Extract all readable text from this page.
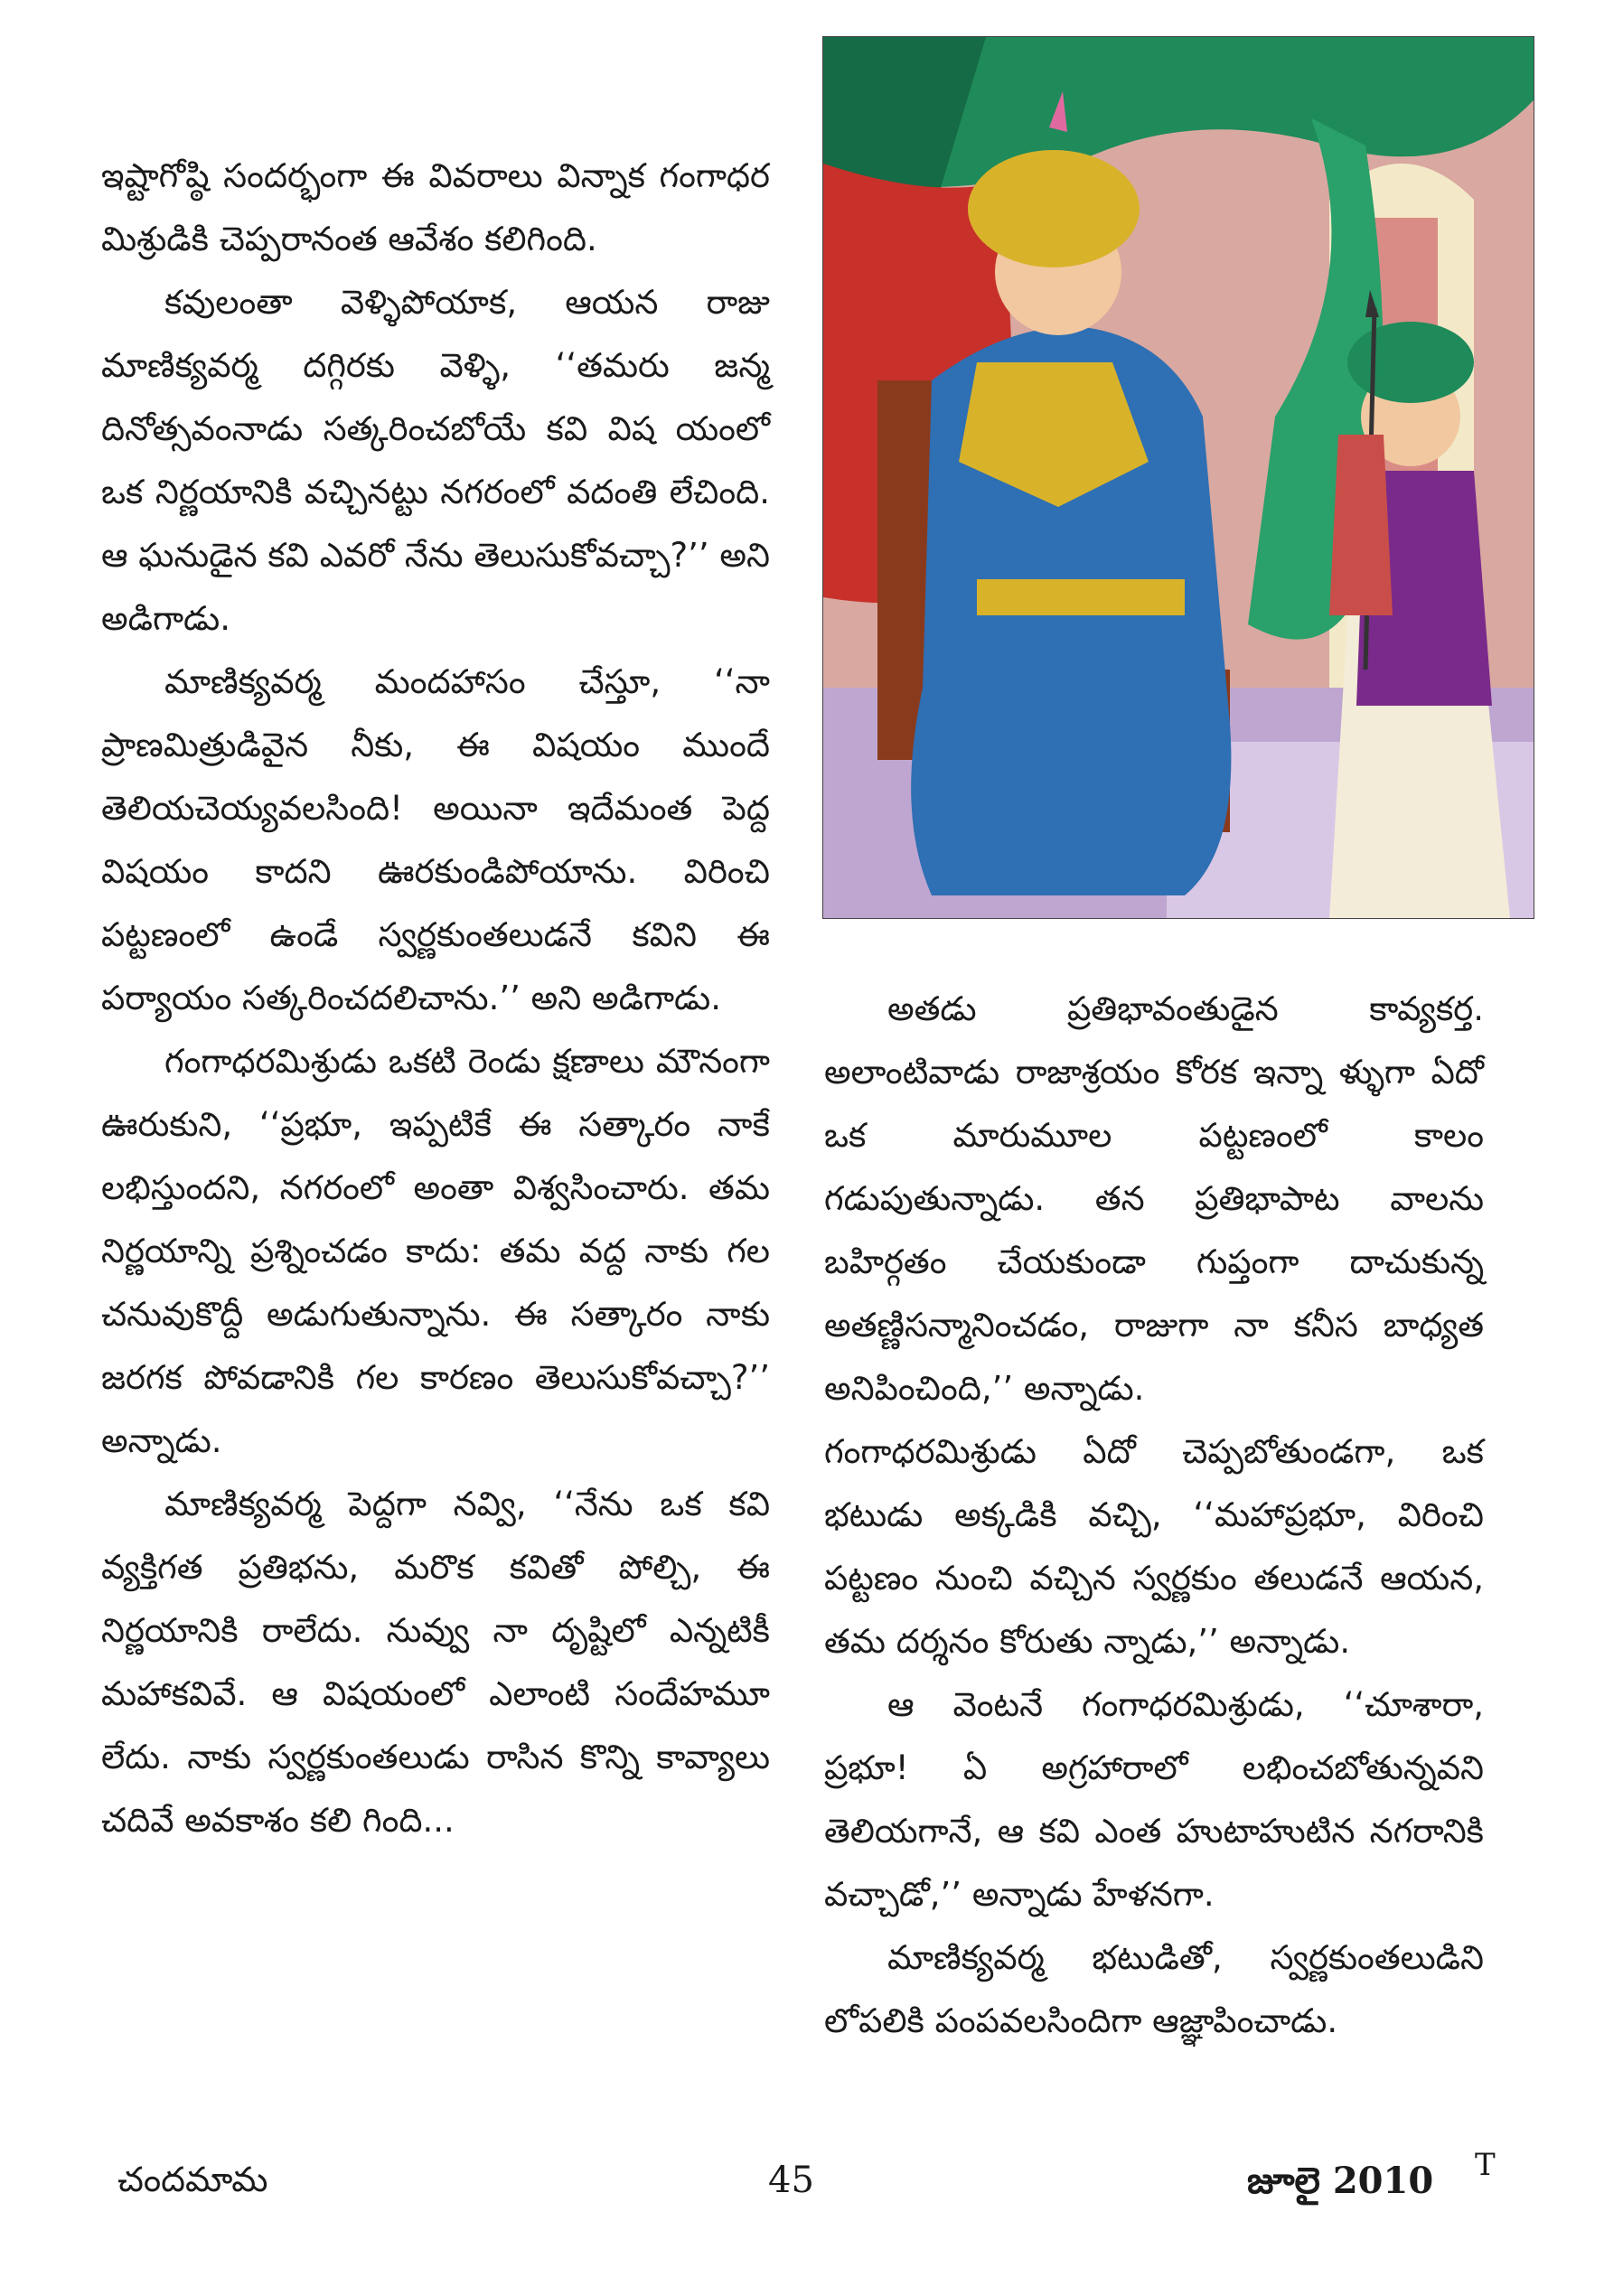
ఇష్టాగోష్ఠి సందర్భంగా ఈ వివరాలు విన్నాక గంగాధర మిశ్రుడికి చెప్పరానంత ఆవేశం కలిగింది.

కవులంతా వెళ్ళిపోయాక, ఆయన రాజు మాణిక్యవర్మ దగ్గిరకు వెళ్ళి, ‘‘తమరు జన్మ దినోత్సవంనాడు సత్కరించబోయే కవి విష యంలో ఒక నిర్ణయానికి వచ్చినట్టు నగరంలో వదంతి లేచింది. ఆ ఘనుడైన కవి ఎవరో నేను తెలుసుకోవచ్చా?’’ అని అడిగాడు.

మాణిక్యవర్మ మందహాసం చేస్తూ, ‘‘నా ప్రాణమిత్రుడివైన నీకు, ఈ విషయం ముందే తెలియచెయ్యవలసింది! అయినా ఇదేమంత పెద్ద విషయం కాదని ఊరకుండిపోయాను. విరించి పట్టణంలో ఉండే స్వర్ణకుంతలుడనే కవిని ఈ పర్యాయం సత్కరించదలిచాను.’’ అని అడిగాడు.

గంగాధరమిశ్రుడు ఒకటి రెండు క్షణాలు మౌనంగా ఊరుకుని, ‘‘ప్రభూ, ఇప్పటికే ఈ సత్కారం నాకే లభిస్తుందని, నగరంలో అంతా విశ్వసించారు. తమ నిర్ణయాన్ని ప్రశ్నించడం కాదు: తమ వద్ద నాకు గల చనువుకొద్దీ అడుగుతున్నాను. ఈ సత్కారం నాకు జరగక పోవడానికి గల కారణం తెలుసుకోవచ్చా?’’ అన్నాడు.

మాణిక్యవర్మ పెద్దగా నవ్వి, ‘‘నేను ఒక కవి వ్యక్తిగత ప్రతిభను, మరొక కవితో పోల్చి, ఈ నిర్ణయానికి రాలేదు. నువ్వు నా దృష్టిలో ఎన్నటికీ మహాకవివే. ఆ విషయంలో ఎలాంటి సందేహమూ లేదు. నాకు స్వర్ణకుంతలుడు రాసిన కొన్ని కావ్యాలు చదివే అవకాశం కలి గింది...

అతడు ప్రతిభావంతుడైన కావ్యకర్త. అలాంటివాడు రాజాశ్రయం కోరక ఇన్నా ళ్ళుగా ఏదో ఒక మారుమూల పట్టణంలో కాలం గడుపుతున్నాడు. తన ప్రతిభాపాట వాలను బహిర్గతం చేయకుండా గుప్తంగా దాచుకున్న అతణ్ణిసన్మానించడం, రాజుగా నా కనీస బాధ్యత అనిపించింది,’’ అన్నాడు.

గంగాధరమిశ్రుడు ఏదో చెప్పబోతుండగా, ఒక భటుడు అక్కడికి వచ్చి, ‘‘మహాప్రభూ, విరించి పట్టణం నుంచి వచ్చిన స్వర్ణకుం తలుడనే ఆయన, తమ దర్శనం కోరుతు న్నాడు,’’ అన్నాడు.

ఆ వెంటనే గంగాధరమిశ్రుడు, ‘‘చూశారా, ప్రభూ! ఏ అగ్రహారాలో లభించబోతున్నవని తెలియగానే, ఆ కవి ఎంత హుటాహుటిన నగరానికి వచ్చాడో,’’ అన్నాడు హేళనగా.

మాణిక్యవర్మ భటుడితో, స్వర్ణకుంతలుడిని లోపలికి పంపవలసిందిగా ఆజ్ఞాపించాడు.

చందమామ	45	జూలై 2010 T
